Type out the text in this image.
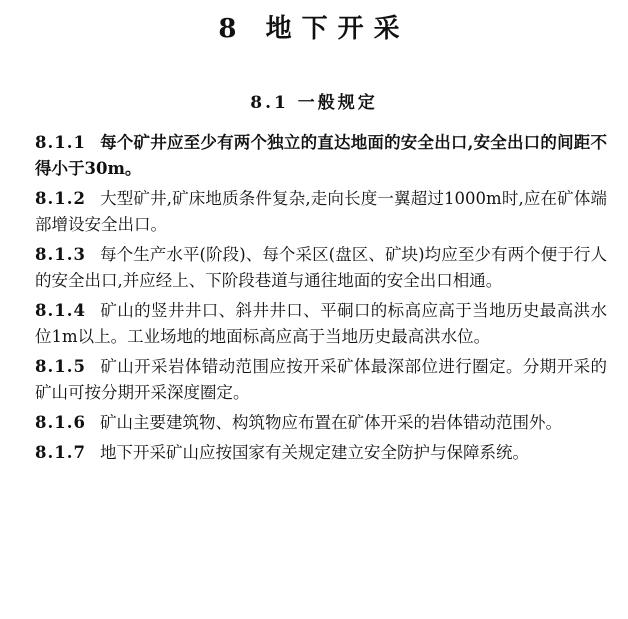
8 地下开采
8.1 一般规定

8.1.1 每个矿井应至少有两个独立的直达地面的安全出口,安全出口的间距不得小于30m。

8.1.2 大型矿井,矿床地质条件复杂,走向长度一翼超过1000m时,应在矿体端部增设安全出口。

8.1.3 每个生产水平(阶段)、每个采区(盘区、矿块)均应至少有两个便于行人的安全出口,并应经上、下阶段巷道与通往地面的安全出口相通。

8.1.4 矿山的竖井井口、斜井井口、平硐口的标高应高于当地历史最高洪水位1m以上。工业场地的地面标高应高于当地历史最高洪水位。

8.1.5 矿山开采岩体错动范围应按开采矿体最深部位进行圈定。分期开采的矿山可按分期开采深度圈定。

8.1.6 矿山主要建筑物、构筑物应布置在矿体开采的岩体错动范围外。

8.1.7 地下开采矿山应按国家有关规定建立安全防护与保障系统。
